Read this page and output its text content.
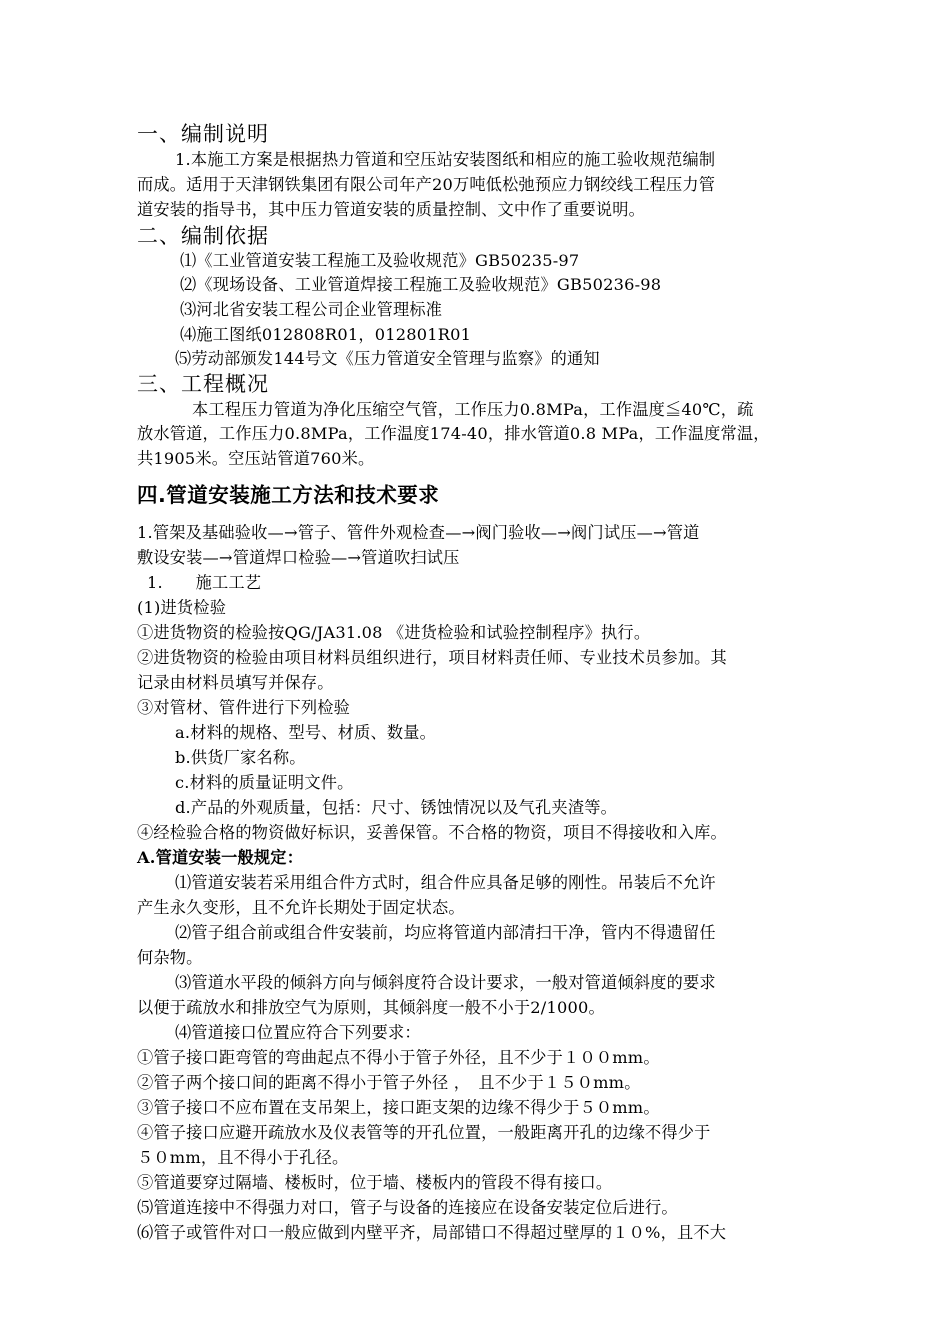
一、编制说明
1.本施工方案是根据热力管道和空压站安装图纸和相应的施工验收规范编制
而成。适用于天津钢铁集团有限公司年产20万吨低松弛预应力钢绞线工程压力管
道安装的指导书，其中压力管道安装的质量控制、文中作了重要说明。
二、编制依据
⑴《工业管道安装工程施工及验收规范》GB50235-97
⑵《现场设备、工业管道焊接工程施工及验收规范》GB50236-98
⑶河北省安装工程公司企业管理标准
⑷施工图纸012808R01，012801R01
⑸劳动部颁发144号文《压力管道安全管理与监察》的通知
三、工程概况
本工程压力管道为净化压缩空气管，工作压力0.8MPa，工作温度≦40℃，疏
放水管道，工作压力0.8MPa，工作温度174-40，排水管道0.8 MPa，工作温度常温，
共1905米。空压站管道760米。
四.管道安装施工方法和技术要求
1.管架及基础验收—→管子、管件外观检查—→阀门验收—→阀门试压—→管道
敷设安装—→管道焊口检验—→管道吹扫试压
1.　　施工工艺
(1)进货检验
①进货物资的检验按QG/JA31.08 《进货检验和试验控制程序》执行。
②进货物资的检验由项目材料员组织进行，项目材料责任师、专业技术员参加。其
记录由材料员填写并保存。
③对管材、管件进行下列检验
a.材料的规格、型号、材质、数量。
b.供货厂家名称。
c.材料的质量证明文件。
d.产品的外观质量，包括：尺寸、锈蚀情况以及气孔夹渣等。
④经检验合格的物资做好标识，妥善保管。不合格的物资，项目不得接收和入库。
A.管道安装一般规定：
⑴管道安装若采用组合件方式时，组合件应具备足够的刚性。吊装后不允许
产生永久变形，且不允许长期处于固定状态。
⑵管子组合前或组合件安装前，均应将管道内部清扫干净，管内不得遗留任
何杂物。
⑶管道水平段的倾斜方向与倾斜度符合设计要求，一般对管道倾斜度的要求
以便于疏放水和排放空气为原则，其倾斜度一般不小于2/1000。
⑷管道接口位置应符合下列要求：
①管子接口距弯管的弯曲起点不得小于管子外径，且不少于１００mm。
②管子两个接口间的距离不得小于管子外径 ，　且不少于１５０mm。
③管子接口不应布置在支吊架上，接口距支架的边缘不得少于５０mm。
④管子接口应避开疏放水及仪表管等的开孔位置，一般距离开孔的边缘不得少于
５０mm，且不得小于孔径。
⑤管道要穿过隔墙、楼板时，位于墙、楼板内的管段不得有接口。
⑸管道连接中不得强力对口，管子与设备的连接应在设备安装定位后进行。
⑹管子或管件对口一般应做到内壁平齐，局部错口不得超过壁厚的１０%，且不大
